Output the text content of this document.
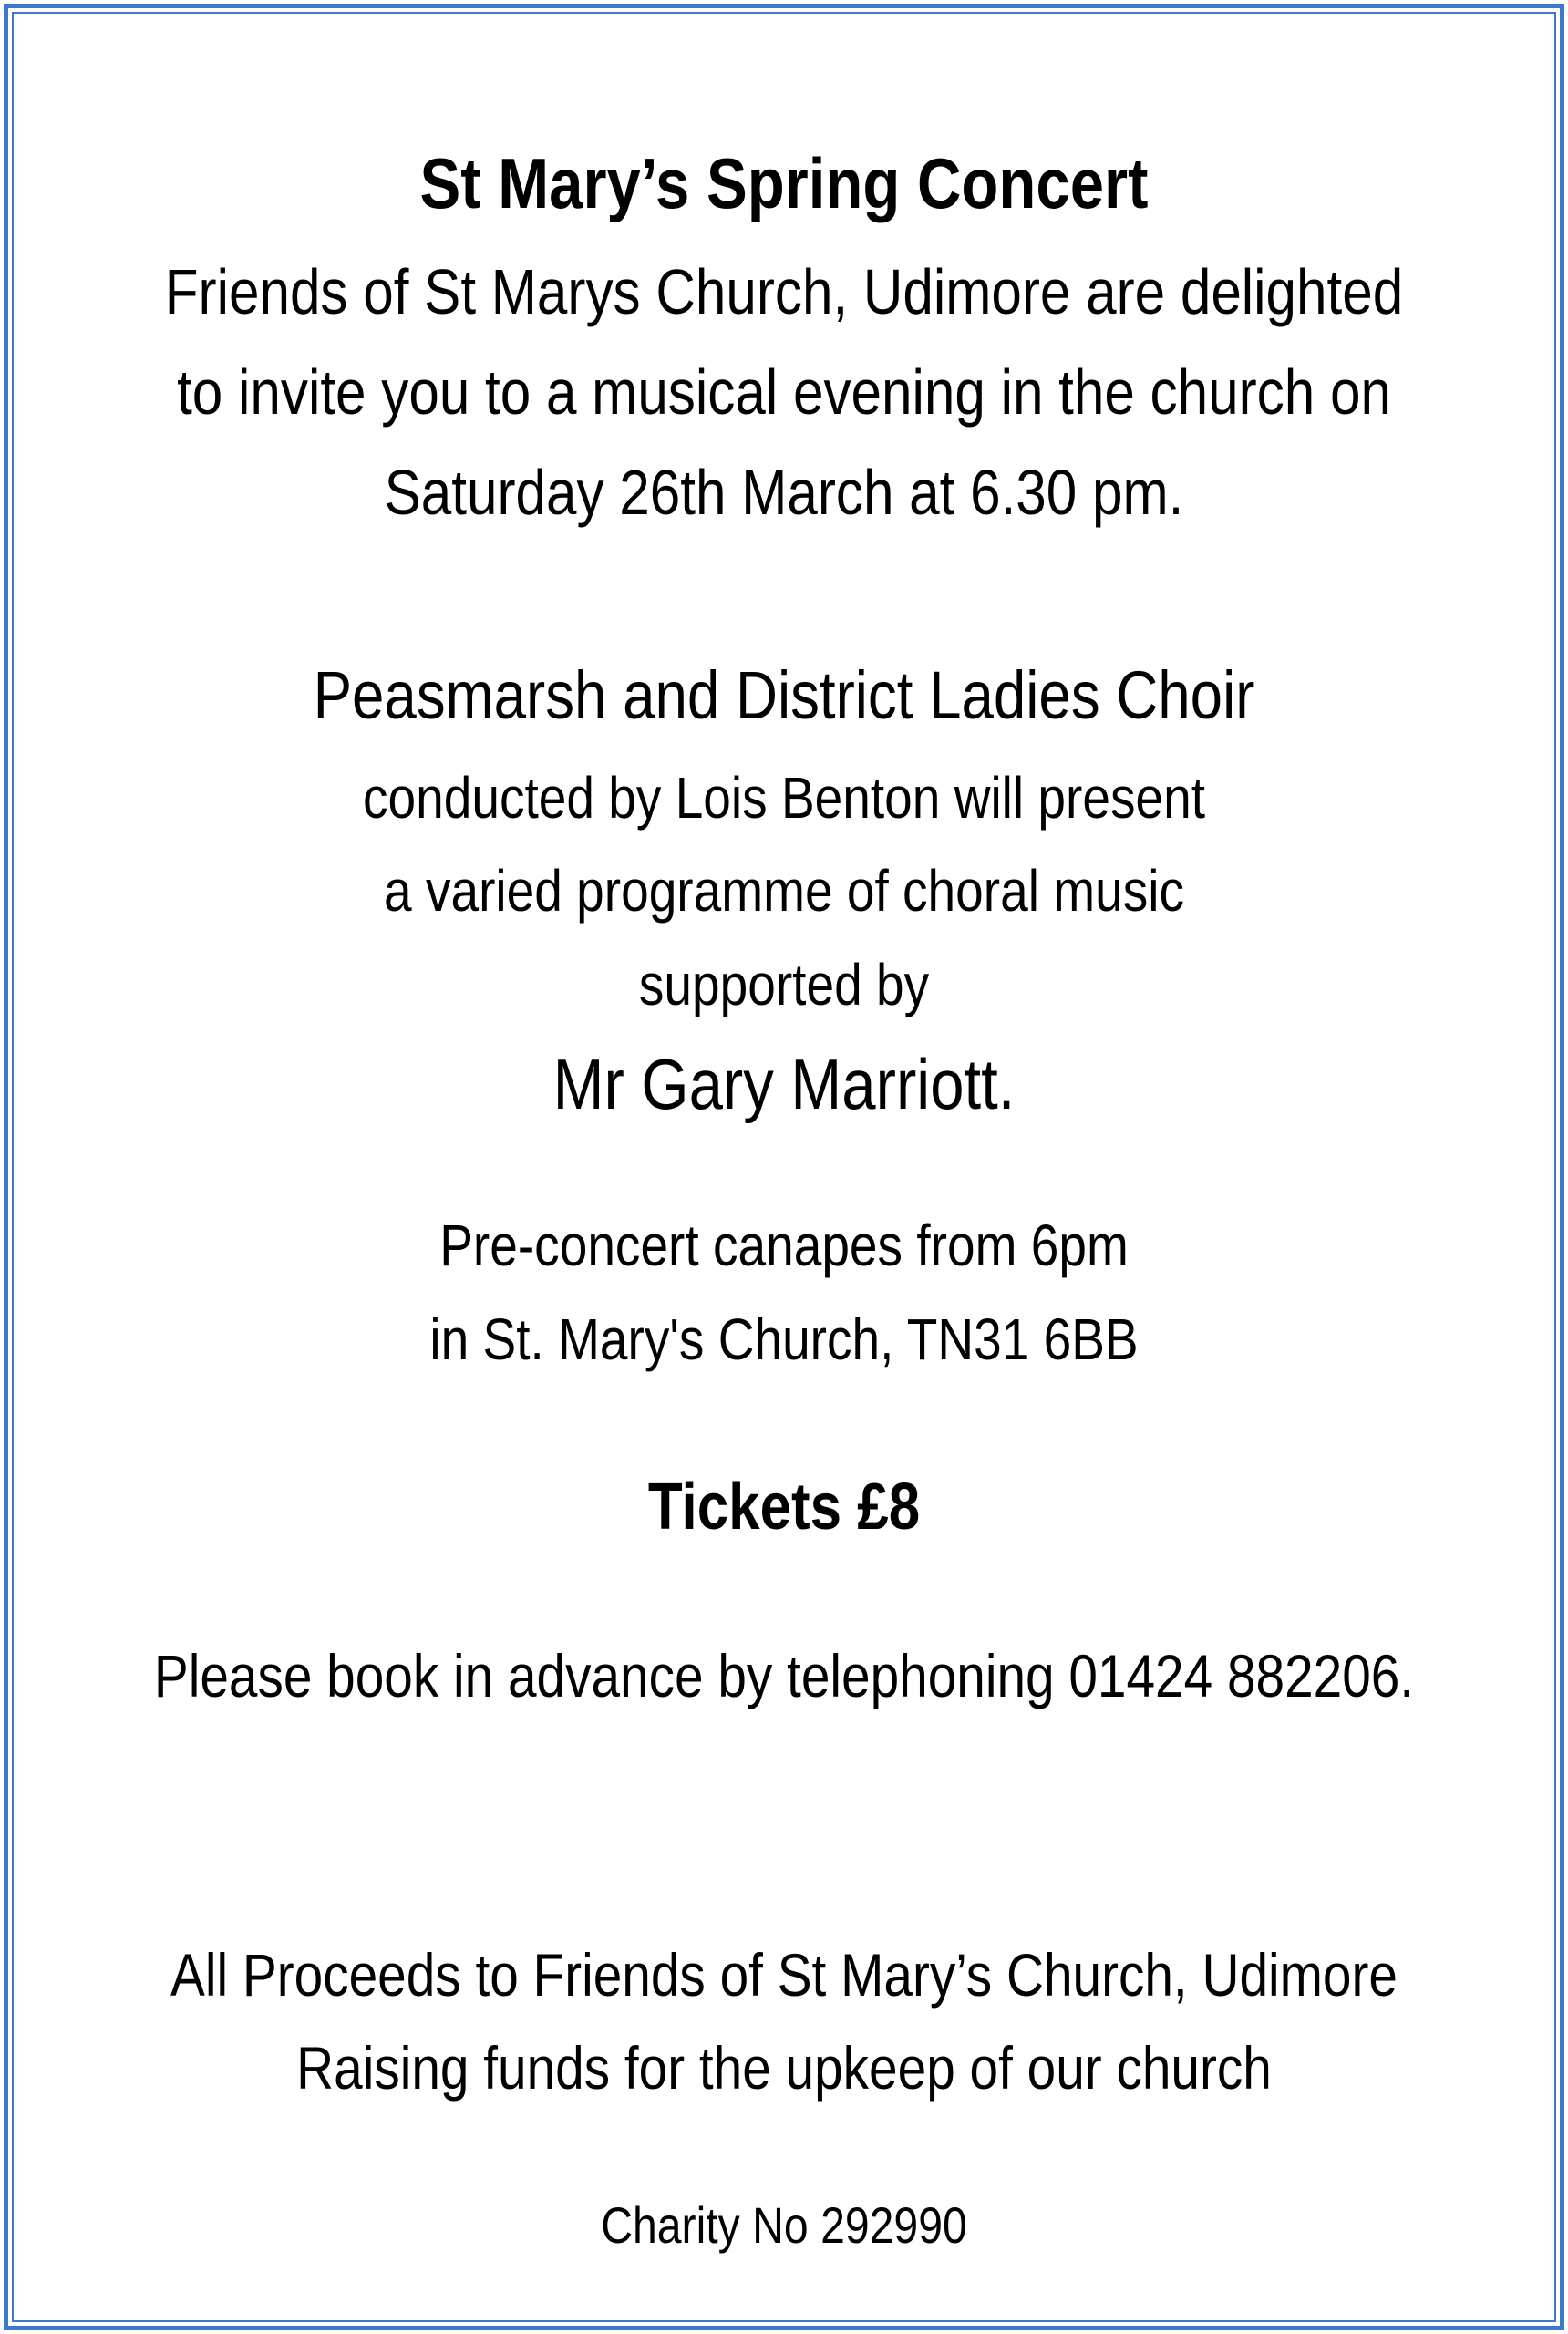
St Mary’s Spring Concert
Friends of St Marys Church, Udimore are delighted
to invite you to a musical evening in the church on
Saturday 26th March at 6.30 pm.
Peasmarsh and District Ladies Choir
conducted by Lois Benton will present
a varied programme of choral music
supported by
Mr Gary Marriott.
Pre-concert canapes from 6pm
in St. Mary's Church, TN31 6BB
Tickets £8
Please book in advance by telephoning 01424 882206.
All Proceeds to Friends of St Mary’s Church, Udimore
Raising funds for the upkeep of our church
Charity No 292990
